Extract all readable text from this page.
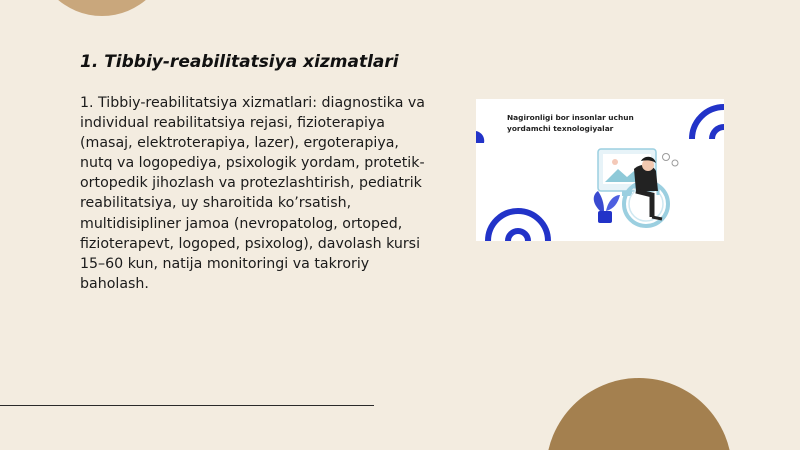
1. Tibbiy-reabilitatsiya xizmatlari

1. Tibbiy-reabilitatsiya xizmatlari: diagnostika va individual reabilitatsiya rejasi, fizioterapiya (masaj, elektroterapiya, lazer), ergoterapiya, nutq va logopediya, psixologik yordam, protetik-ortopedik jihozlash va protezlashtirish, pediatrik reabilitatsiya, uy sharoitida ko’rsatish, multidisipliner jamoa (nevropatolog, ortoped, fizioterapevt, logoped, psixolog), davolash kursi 15–60 kun, natija monitoringi va takroriy baholash.

Nagironligi bor insonlar uchun yordamchi texnologiyalar
